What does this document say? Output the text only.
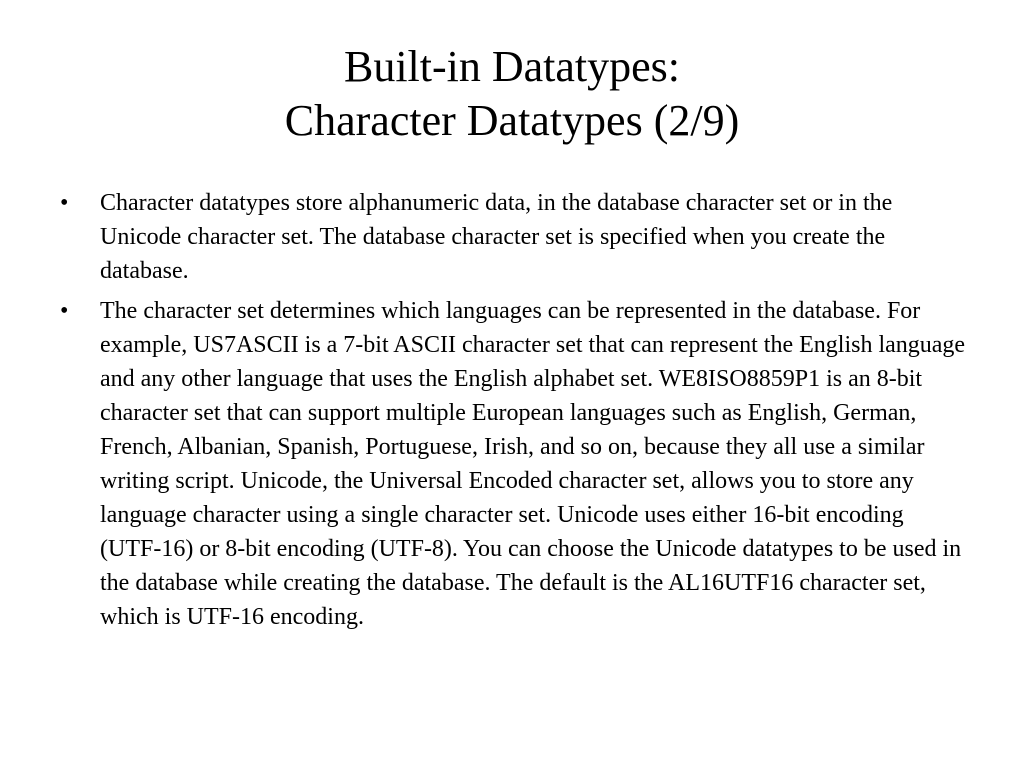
Built-in Datatypes:
Character Datatypes (2/9)
•	Character datatypes store alphanumeric data, in the database character set or in the Unicode character set. The database character set is specified when you create the database.
•	The character set determines which languages can be represented in the database. For example, US7ASCII is a 7-bit ASCII character set that can represent the English language and any other language that uses the English alphabet set. WE8ISO8859P1 is an 8-bit character set that can support multiple European languages such as English, German, French, Albanian, Spanish, Portuguese, Irish, and so on, because they all use a similar writing script. Unicode, the Universal Encoded character set, allows you to store any language character using a single character set. Unicode uses either 16-bit encoding (UTF-16) or 8-bit encoding (UTF-8). You can choose the Unicode datatypes to be used in the database while creating the database. The default is the AL16UTF16 character set, which is UTF-16 encoding.
